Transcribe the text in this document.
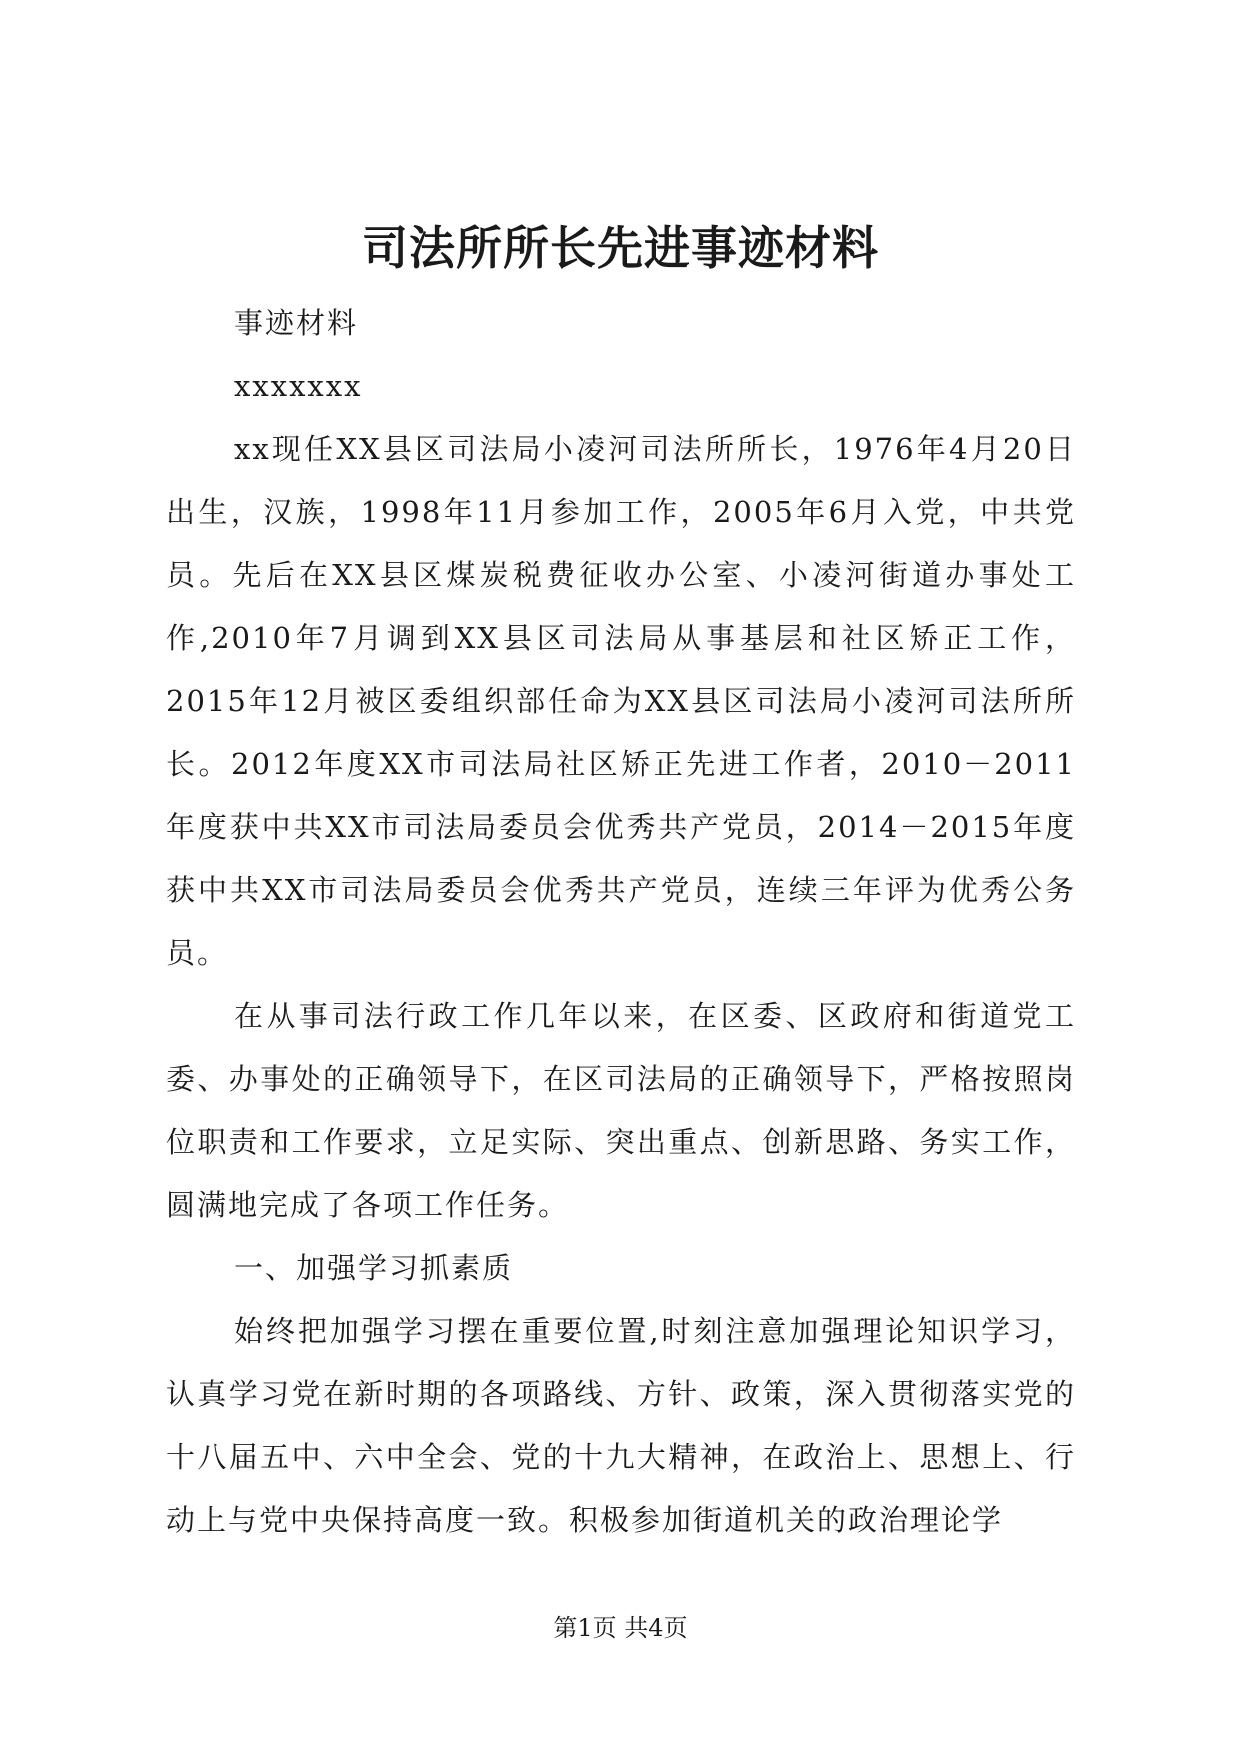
司法所所长先进事迹材料

事迹材料

xxxxxxx

xx现任XX县区司法局小凌河司法所所长，1976年4月20日出生，汉族，1998年11月参加工作，2005年6月入党，中共党员。先后在XX县区煤炭税费征收办公室、小凌河街道办事处工作,2010年7月调到XX县区司法局从事基层和社区矫正工作，2015年12月被区委组织部任命为XX县区司法局小凌河司法所所长。2012年度XX市司法局社区矫正先进工作者，2010－2011年度获中共XX市司法局委员会优秀共产党员，2014－2015年度获中共XX市司法局委员会优秀共产党员，连续三年评为优秀公务员。

在从事司法行政工作几年以来，在区委、区政府和街道党工委、办事处的正确领导下，在区司法局的正确领导下，严格按照岗位职责和工作要求，立足实际、突出重点、创新思路、务实工作，圆满地完成了各项工作任务。

一、加强学习抓素质

始终把加强学习摆在重要位置,时刻注意加强理论知识学习，认真学习党在新时期的各项路线、方针、政策，深入贯彻落实党的十八届五中、六中全会、党的十九大精神，在政治上、思想上、行动上与党中央保持高度一致。积极参加街道机关的政治理论学

第1页 共4页
